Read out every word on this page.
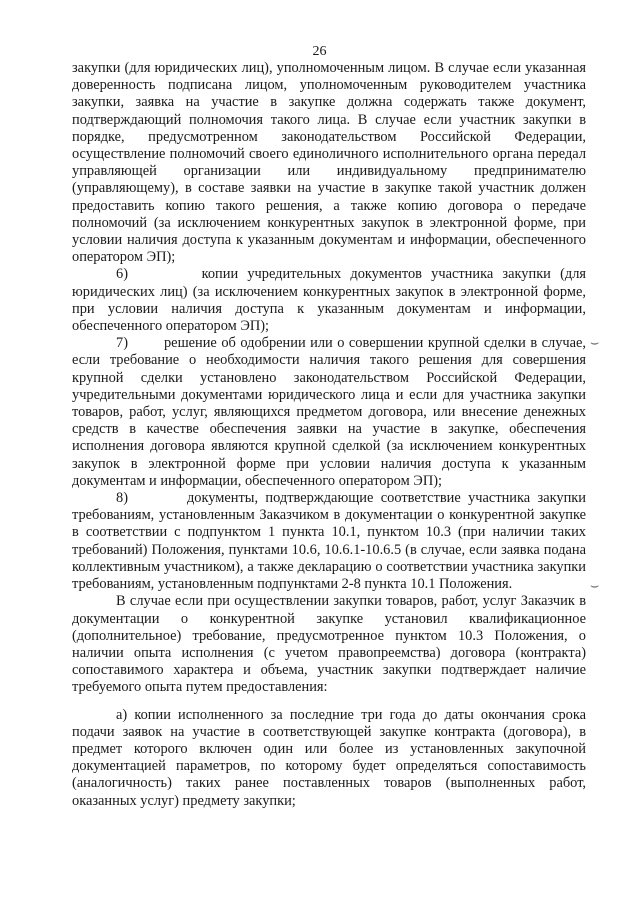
26

закупки (для юридических лиц), уполномоченным лицом. В случае если указанная доверенность подписана лицом, уполномоченным руководителем участника закупки, заявка на участие в закупке должна содержать также документ, подтверждающий полномочия такого лица. В случае если участник закупки в порядке, предусмотренном законодательством Российской Федерации, осуществление полномочий своего единоличного исполнительного органа передал управляющей организации или индивидуальному предпринимателю (управляющему), в составе заявки на участие в закупке такой участник должен предоставить копию такого решения, а также копию договора о передаче полномочий (за исключением конкурентных закупок в электронной форме, при условии наличия доступа к указанным документам и информации, обеспеченного оператором ЭП);

6)        копии учредительных документов участника закупки (для юридических лиц) (за исключением конкурентных закупок в электронной форме, при условии наличия доступа к указанным документам и информации, обеспеченного оператором ЭП);

7)        решение об одобрении или о совершении крупной сделки в случае, если требование о необходимости наличия такого решения для совершения крупной сделки установлено законодательством Российской Федерации, учредительными документами юридического лица и если для участника закупки товаров, работ, услуг, являющихся предметом договора, или внесение денежных средств в качестве обеспечения заявки на участие в закупке, обеспечения исполнения договора являются крупной сделкой (за исключением конкурентных закупок в электронной форме при условии наличия доступа к указанным документам и информации, обеспеченного оператором ЭП);

8)        документы, подтверждающие соответствие участника закупки требованиям, установленным Заказчиком в документации о конкурентной закупке в соответствии с подпунктом 1 пункта 10.1, пунктом 10.3 (при наличии таких требований) Положения, пунктами 10.6, 10.6.1-10.6.5 (в случае, если заявка подана коллективным участником), а также декларацию о соответствии участника закупки требованиям, установленным подпунктами 2-8 пункта 10.1 Положения.

В случае если при осуществлении закупки товаров, работ, услуг Заказчик в документации о конкурентной закупке установил квалификационное (дополнительное) требование, предусмотренное пунктом 10.3 Положения, о наличии опыта исполнения (с учетом правопреемства) договора (контракта) сопоставимого характера и объема, участник закупки подтверждает наличие требуемого опыта путем предоставления:

а) копии исполненного за последние три года до даты окончания срока подачи заявок на участие в соответствующей закупке контракта (договора), в предмет которого включен один или более из установленных закупочной документацией параметров, по которому будет определяться сопоставимость (аналогичность) таких ранее поставленных товаров (выполненных работ, оказанных услуг) предмету закупки;

⌣
⌣
